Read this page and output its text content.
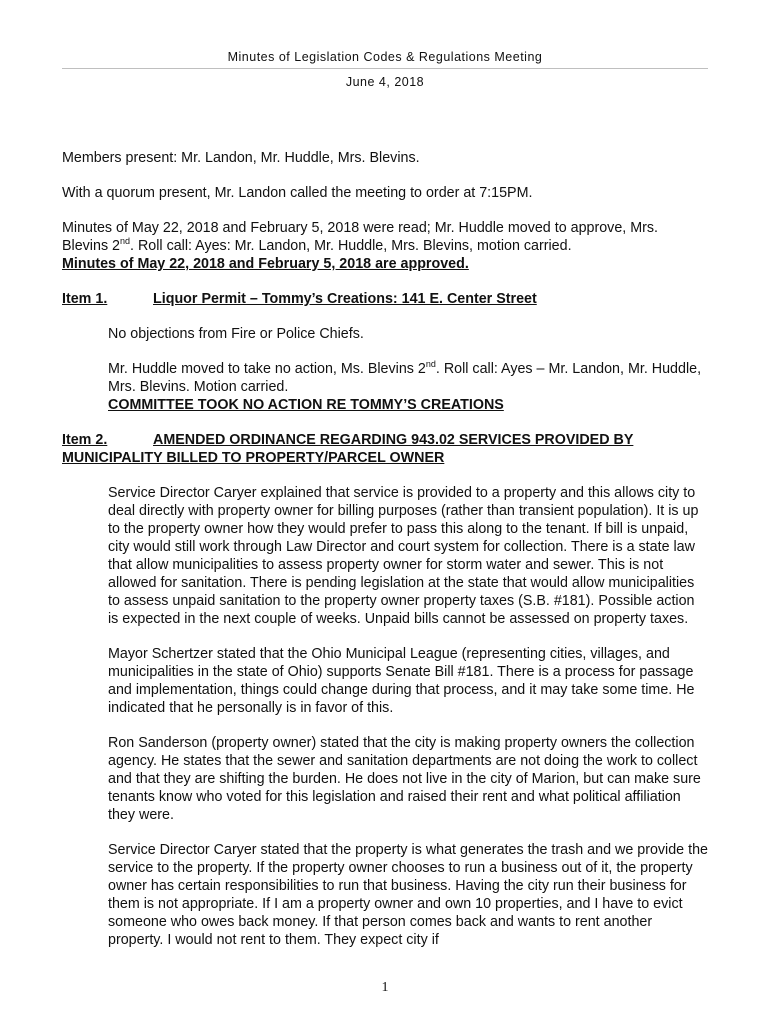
Minutes of Legislation Codes & Regulations Meeting
June 4, 2018

Members present: Mr. Landon, Mr. Huddle, Mrs. Blevins.

With a quorum present, Mr. Landon called the meeting to order at 7:15PM.

Minutes of May 22, 2018 and February 5, 2018 were read; Mr. Huddle moved to approve, Mrs. Blevins 2nd. Roll call: Ayes: Mr. Landon, Mr. Huddle, Mrs. Blevins, motion carried.

Minutes of May 22, 2018 and February 5, 2018 are approved.

Item 1.	Liquor Permit – Tommy’s Creations: 141 E. Center Street

No objections from Fire or Police Chiefs.

Mr. Huddle moved to take no action, Ms. Blevins 2nd. Roll call: Ayes – Mr. Landon, Mr. Huddle, Mrs. Blevins. Motion carried.

COMMITTEE TOOK NO ACTION RE TOMMY’S CREATIONS

Item 2.	AMENDED ORDINANCE REGARDING 943.02 SERVICES PROVIDED BY MUNICIPALITY BILLED TO PROPERTY/PARCEL OWNER

Service Director Caryer explained that service is provided to a property and this allows city to deal directly with property owner for billing purposes (rather than transient population). It is up to the property owner how they would prefer to pass this along to the tenant. If bill is unpaid, city would still work through Law Director and court system for collection. There is a state law that allow municipalities to assess property owner for storm water and sewer. This is not allowed for sanitation. There is pending legislation at the state that would allow municipalities to assess unpaid sanitation to the property owner property taxes (S.B. #181). Possible action is expected in the next couple of weeks. Unpaid bills cannot be assessed on property taxes.

Mayor Schertzer stated that the Ohio Municipal League (representing cities, villages, and municipalities in the state of Ohio) supports Senate Bill #181. There is a process for passage and implementation, things could change during that process, and it may take some time. He indicated that he personally is in favor of this.

Ron Sanderson (property owner) stated that the city is making property owners the collection agency. He states that the sewer and sanitation departments are not doing the work to collect and that they are shifting the burden. He does not live in the city of Marion, but can make sure tenants know who voted for this legislation and raised their rent and what political affiliation they were.

Service Director Caryer stated that the property is what generates the trash and we provide the service to the property. If the property owner chooses to run a business out of it, the property owner has certain responsibilities to run that business. Having the city run their business for them is not appropriate. If I am a property owner and own 10 properties, and I have to evict someone who owes back money. If that person comes back and wants to rent another property. I would not rent to them. They expect city if

1
